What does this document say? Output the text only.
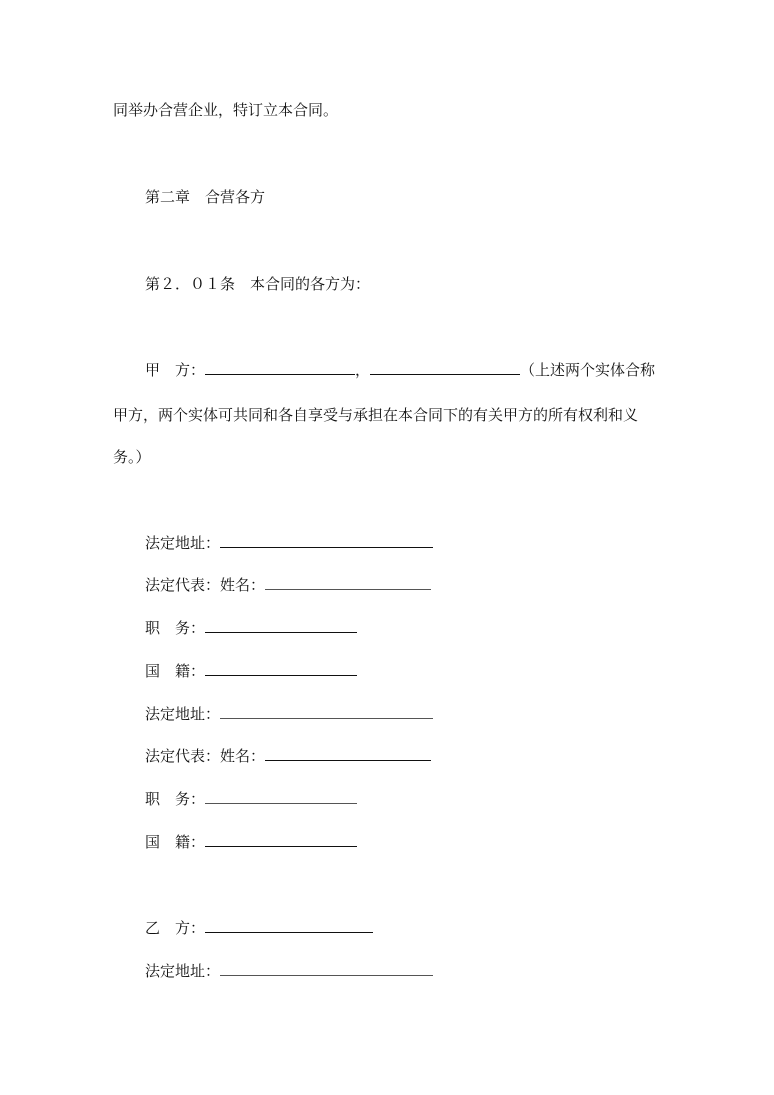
同举办合营企业，特订立本合同。
第二章　合营各方
第２．０１条　本合同的各方为：
甲　方：	，	（上述两个实体合称
甲方，两个实体可共同和各自享受与承担在本合同下的有关甲方的所有权利和义
务。）
法定地址：
法定代表：姓名：
职　务：
国　籍：
法定地址：
法定代表：姓名：
职　务：
国　籍：
乙　方：
法定地址：
